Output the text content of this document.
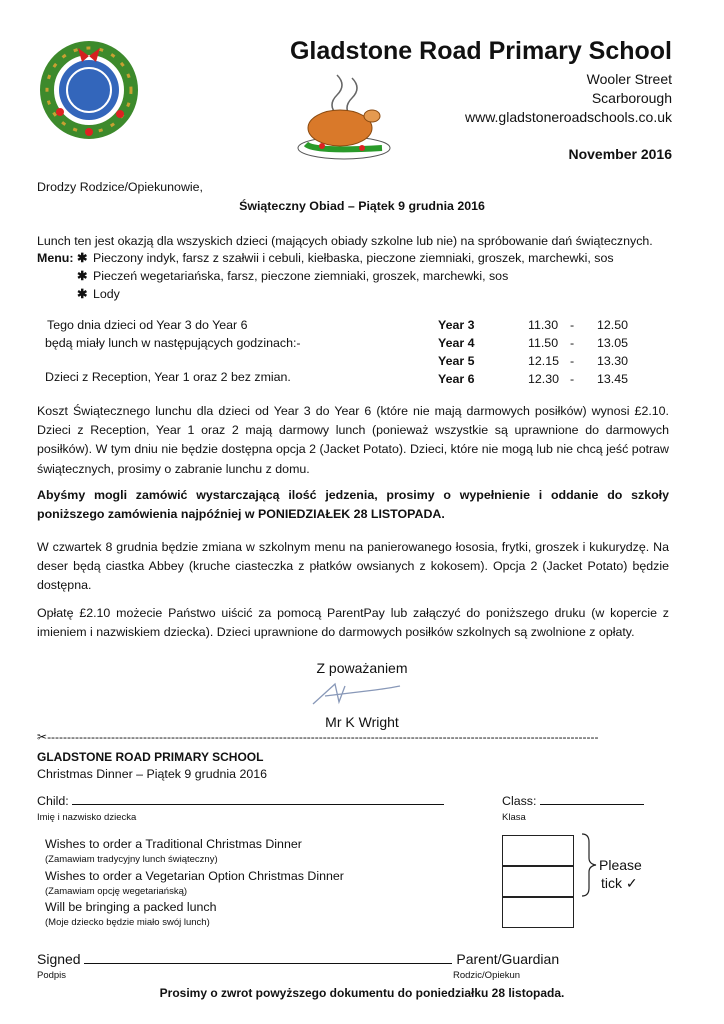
Gladstone Road Primary School
Wooler Street
Scarborough
www.gladstoneroadschools.co.uk
November 2016
Drodzy Rodzice/Opiekunowie,
Świąteczny Obiad – Piątek 9 grudnia 2016
Lunch ten jest okazją dla wszyskich dzieci (mających obiady szkolne lub nie) na spróbowanie dań świątecznych.
Menu: ✱ Pieczony indyk, farsz z szałwii i cebuli, kiełbaska, pieczone ziemniaki, groszek, marchewki, sos
✱ Pieczeń wegetariańska, farsz, pieczone ziemniaki, groszek, marchewki, sos
✱ Lody
Tego dnia dzieci od Year 3 do Year 6
będą miały lunch w następujących godzinach:-
Dzieci z Reception, Year 1 oraz 2 bez zmian.
Year 3	11.30 - 12.50
Year 4	11.50 - 13.05
Year 5	12.15 - 13.30
Year 6	12.30 - 13.45
Koszt Świątecznego lunchu dla dzieci od Year 3 do Year 6 (które nie mają darmowych posiłków) wynosi £2.10. Dzieci z Reception, Year 1 oraz 2 mają darmowy lunch (ponieważ wszystkie są uprawnione do darmowych posiłków). W tym dniu nie będzie dostępna opcja 2 (Jacket Potato). Dzieci, które nie mogą lub nie chcą jeść potraw świątecznych, prosimy o zabranie lunchu z domu.
Abyśmy mogli zamówić wystarczającą ilość jedzenia, prosimy o wypełnienie i oddanie do szkoły poniższego zamówienia najpóźniej w PONIEDZIAŁEK 28 LISTOPADA.
W czwartek 8 grudnia będzie zmiana w szkolnym menu na panierowanego łososia, frytki, groszek i kukurydzę. Na deser będą ciastka Abbey (kruche ciasteczka z płatków owsianych z kokosem). Opcja 2 (Jacket Potato) będzie dostępna.
Opłatę £2.10 możecie Państwo uiścić za pomocą ParentPay lub załączyć do poniższego druku (w kopercie z imieniem i nazwiskiem dziecka). Dzieci uprawnione do darmowych posiłków szkolnych są zwolnione z opłaty.
Z poważaniem
Mr K Wright
✂------------------------------------------------------------------------------------------------------------------------------------------
GLADSTONE ROAD PRIMARY SCHOOL
Christmas Dinner – Piątek 9 grudnia 2016
Child:
Imię i nazwisko dziecka
Class:
Klasa
Wishes to order a Traditional Christmas Dinner
(Zamawiam tradycyjny lunch świąteczny)
Wishes to order a Vegetarian Option Christmas Dinner
(Zamawiam opcję wegetariańską)
Will be bringing a packed lunch
(Moje dziecko będzie miało swój lunch)
Please
tick ✓
Signed	Parent/Guardian
Podpis	Rodzic/Opiekun
Prosimy o zwrot powyższego dokumentu do poniedziałku 28 listopada.
